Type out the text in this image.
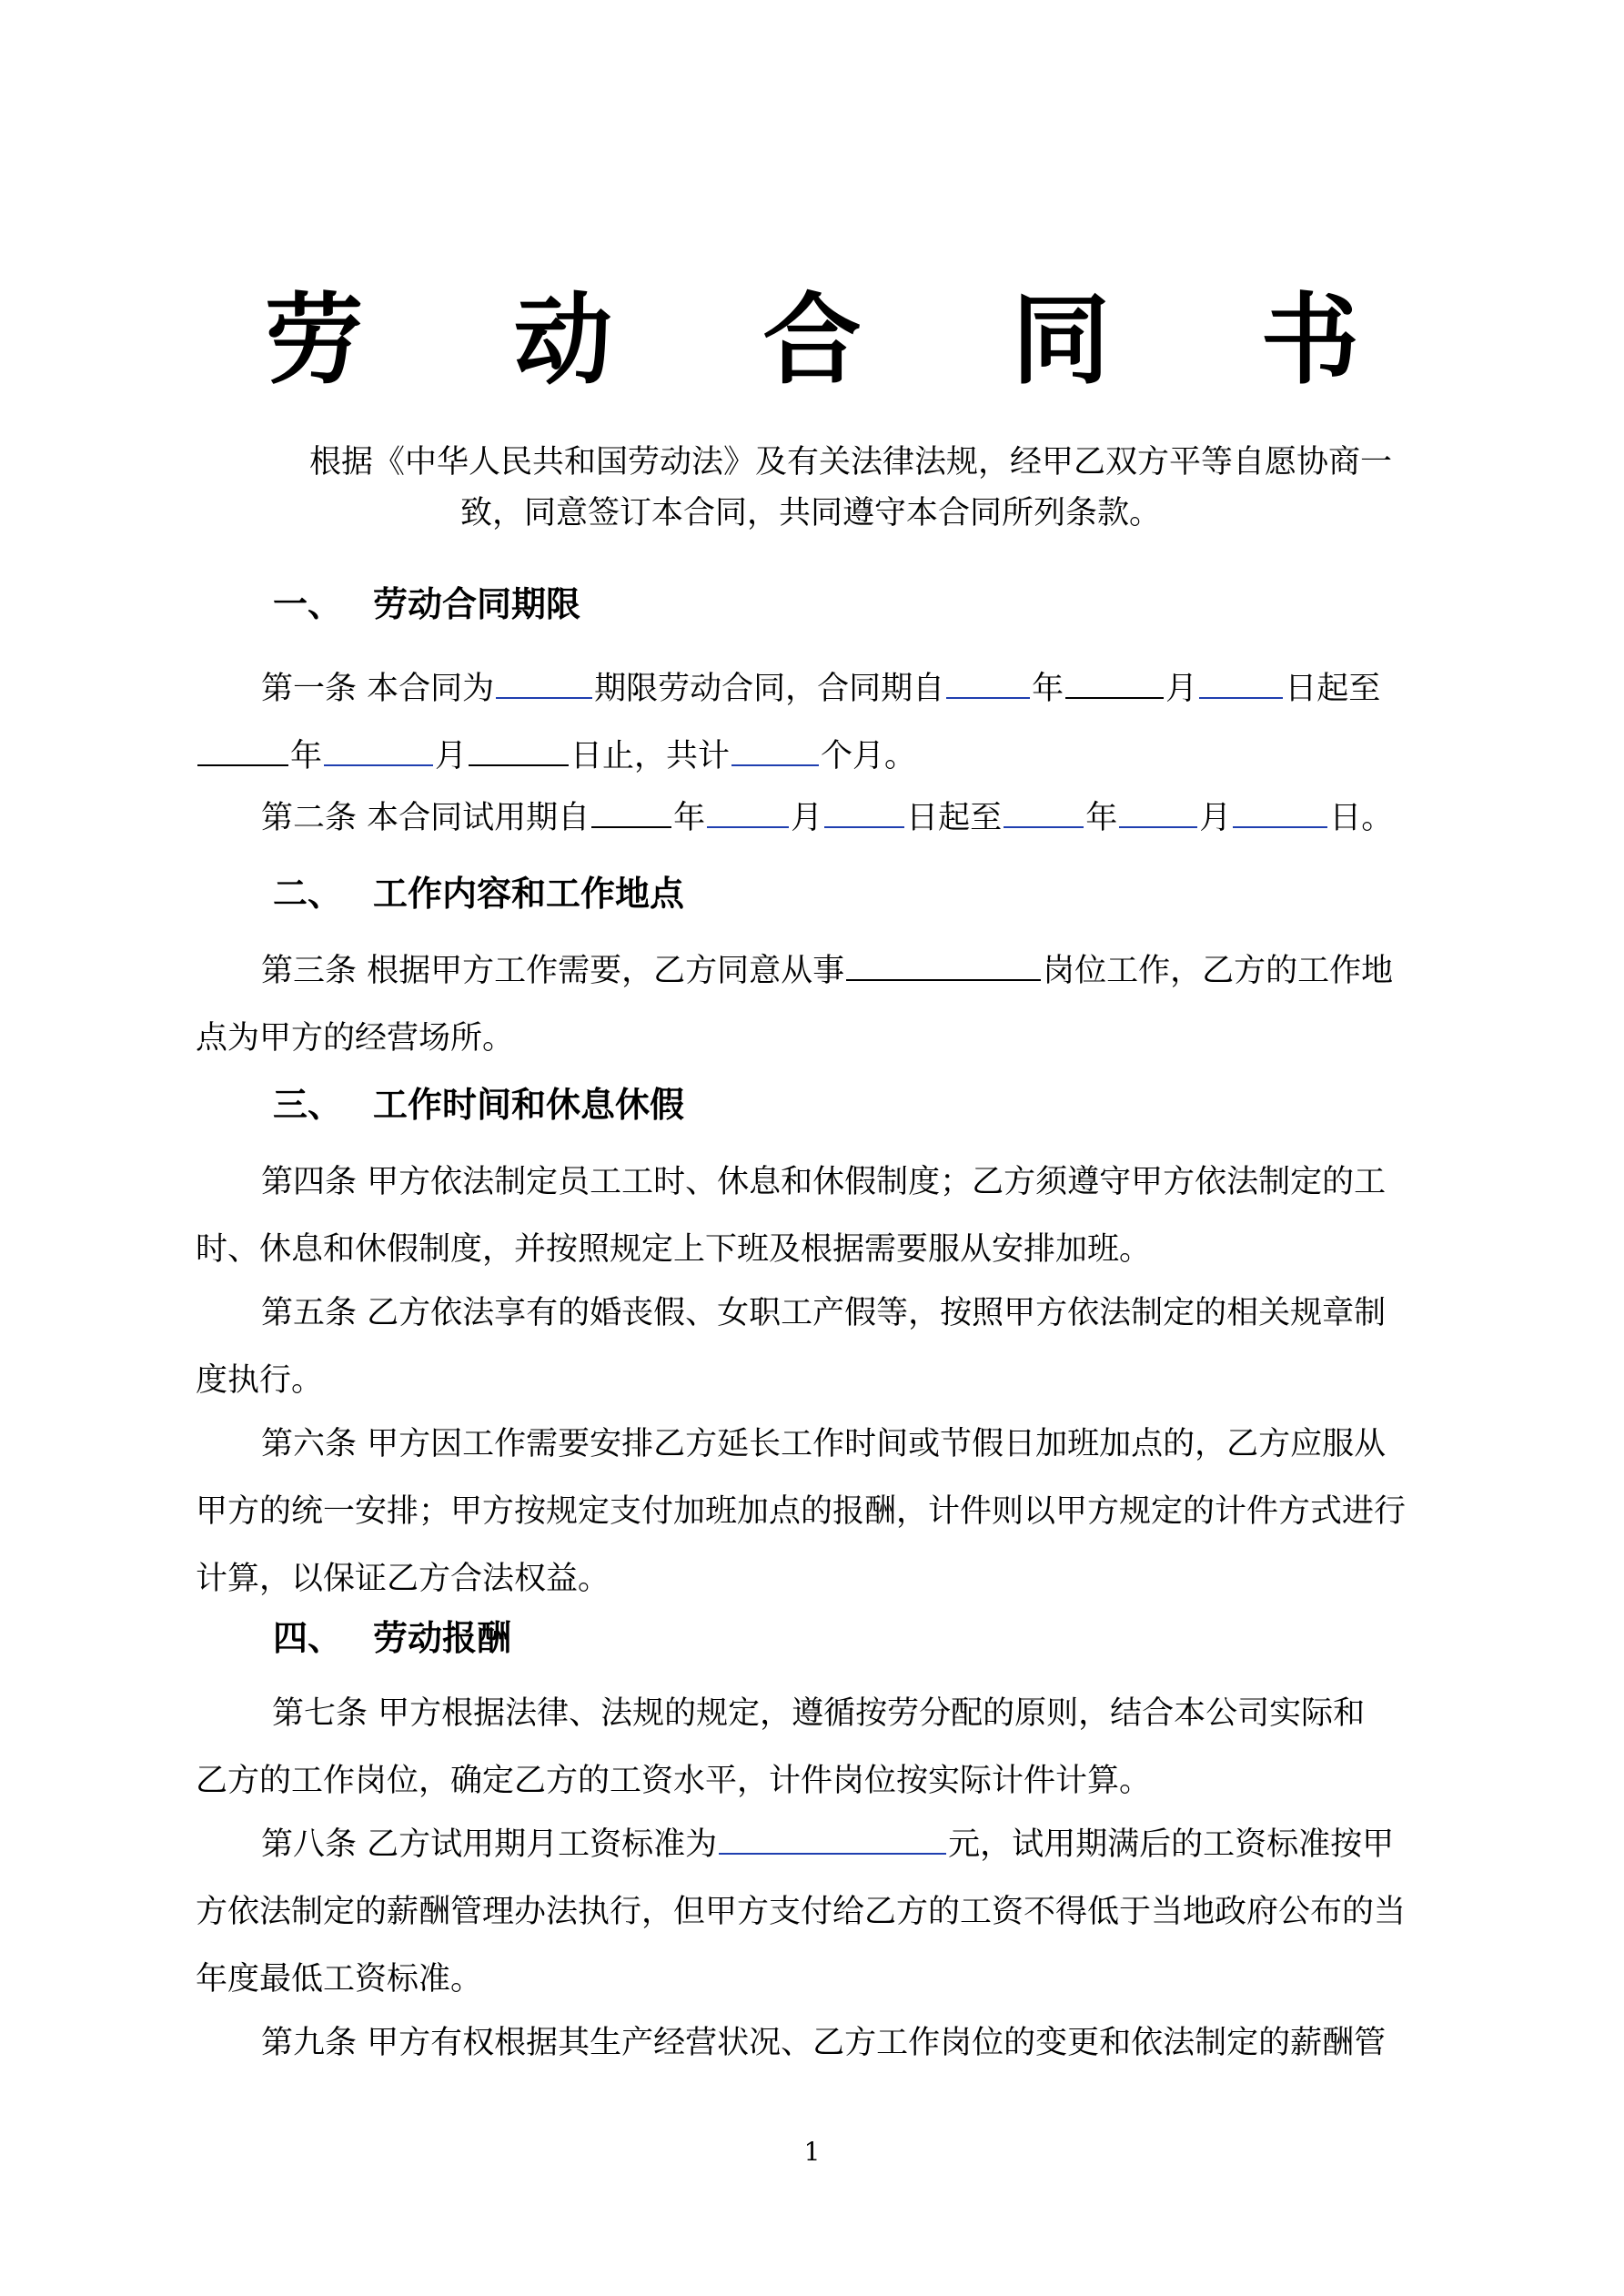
劳 动 合 同 书
根据《中华人民共和国劳动法》及有关法律法规，经甲乙双方平等自愿协商一
致，同意签订本合同，共同遵守本合同所列条款。
一、 劳动合同期限
第一条 本合同为	期限劳动合同，合同期自	年	月	日起至
年	月	日止，共计	个月。
第二条 本合同试用期自	年	月	日起至	年	月	日。
二、 工作内容和工作地点
第三条 根据甲方工作需要，乙方同意从事	岗位工作，乙方的工作地
点为甲方的经营场所。
三、 工作时间和休息休假
第四条 甲方依法制定员工工时、休息和休假制度；乙方须遵守甲方依法制定的工
时、休息和休假制度，并按照规定上下班及根据需要服从安排加班。
第五条 乙方依法享有的婚丧假、女职工产假等，按照甲方依法制定的相关规章制
度执行。
第六条 甲方因工作需要安排乙方延长工作时间或节假日加班加点的，乙方应服从
甲方的统一安排；甲方按规定支付加班加点的报酬，计件则以甲方规定的计件方式进行
计算，以保证乙方合法权益。
四、 劳动报酬
第七条 甲方根据法律、法规的规定，遵循按劳分配的原则，结合本公司实际和
乙方的工作岗位，确定乙方的工资水平，计件岗位按实际计件计算。
第八条 乙方试用期月工资标准为	元，试用期满后的工资标准按甲
方依法制定的薪酬管理办法执行，但甲方支付给乙方的工资不得低于当地政府公布的当
年度最低工资标准。
第九条 甲方有权根据其生产经营状况、乙方工作岗位的变更和依法制定的薪酬管
1
